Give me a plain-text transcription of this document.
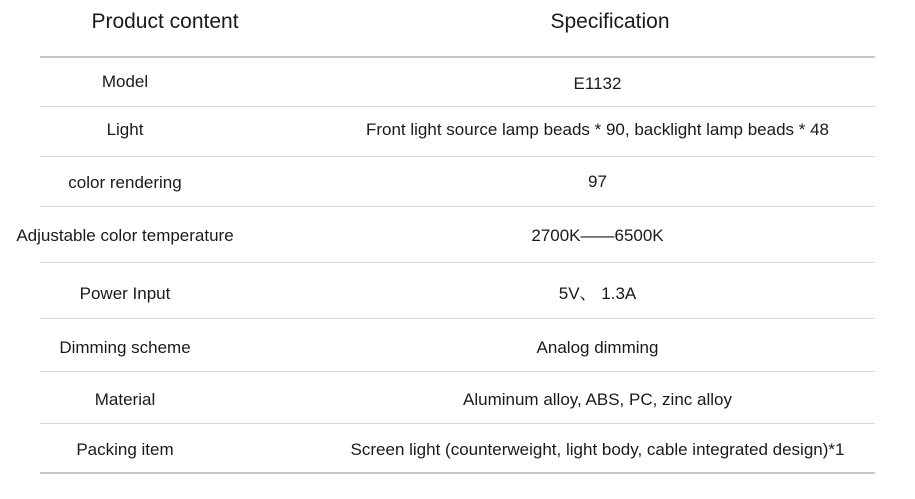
Product content	Specification
Model	E1132
Light	Front light source lamp beads * 90, backlight lamp beads * 48
color rendering	97
Adjustable color temperature	2700K——6500K
Power Input	5V、 1.3A
Dimming scheme	Analog dimming
Material	Aluminum alloy, ABS, PC, zinc alloy
Packing item	Screen light (counterweight, light body, cable integrated design)*1
